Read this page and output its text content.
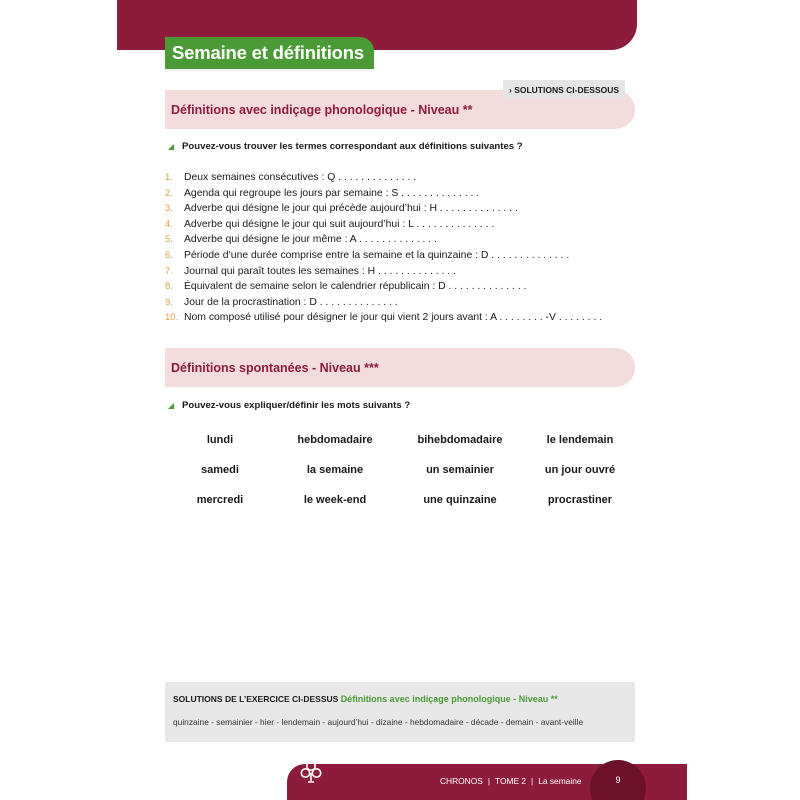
Semaine et définitions
Définitions avec indiçage phonologique - Niveau **
› SOLUTIONS CI-DESSOUS
Pouvez-vous trouver les termes correspondant aux définitions suivantes ?
1. Deux semaines consécutives : Q . . . . . . . . . . . . . .
2. Agenda qui regroupe les jours par semaine : S . . . . . . . . . . . . . .
3. Adverbe qui désigne le jour qui précède aujourd’hui : H . . . . . . . . . . . . . .
4. Adverbe qui désigne le jour qui suit aujourd’hui : L . . . . . . . . . . . . . .
5. Adverbe qui désigne le jour même : A . . . . . . . . . . . . . .
6. Période d’une durée comprise entre la semaine et la quinzaine : D . . . . . . . . . . . . . .
7. Journal qui paraît toutes les semaines : H . . . . . . . . . . . . . .
8. Équivalent de semaine selon le calendrier républicain : D . . . . . . . . . . . . . .
9. Jour de la procrastination : D . . . . . . . . . . . . . .
10. Nom composé utilisé pour désigner le jour qui vient 2 jours avant : A . . . . . . . . -V . . . . . . . .
Définitions spontanées - Niveau ***
Pouvez-vous expliquer/définir les mots suivants ?
lundi	hebdomadaire	bihebdomadaire	le lendemain
samedi	la semaine	un semainier	un jour ouvré
mercredi	le week-end	une quinzaine	procrastiner
SOLUTIONS DE L’EXERCICE CI-DESSUS Définitions avec indiçage phonologique - Niveau **
quinzaine - semainier - hier - lendemain - aujourd’hui - dizaine - hebdomadaire - décade - demain - avant-veille
CHRONOS | TOME 2 | La semaine	9
